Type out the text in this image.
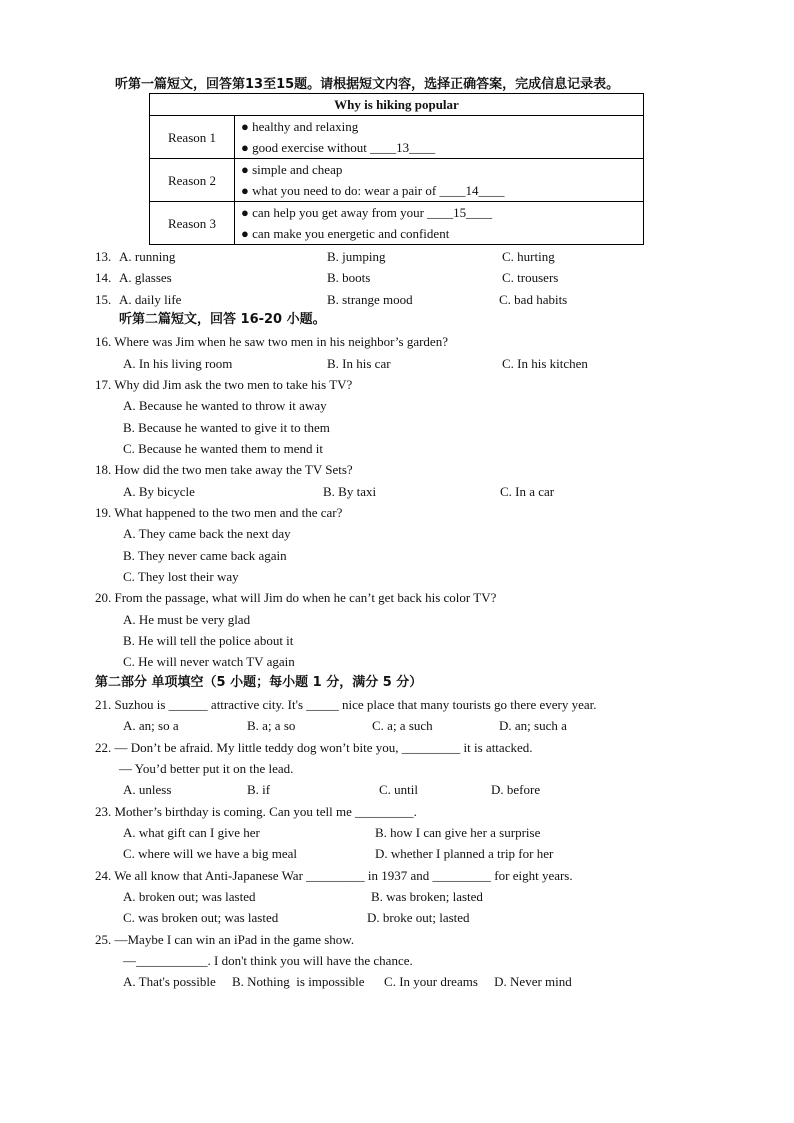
听第一篇短文，回答第13至15题。请根据短文内容，选择正确答案，完成信息记录表。
Why is hiking popular	
Reason 1	● healthy and relaxing
● good exercise without ____13____

Reason 2	● simple and cheap
● what you need to do: wear a pair of ____14____

Reason 3	● can help you get away from your ____15____
● can make you energetic and confident
13. A. running	B. jumping	C. hurting
14. A. glasses	B. boots	C. trousers
15. A. daily life	B. strange mood	C. bad habits
听第二篇短文，回答 16-20 小题。
16. Where was Jim when he saw two men in his neighbor’s garden?
A. In his living room	B. In his car	C. In his kitchen
17. Why did Jim ask the two men to take his TV?
A. Because he wanted to throw it away
B. Because he wanted to give it to them
C. Because he wanted them to mend it
18. How did the two men take away the TV Sets?
A. By bicycle	B. By taxi	C. In a car
19. What happened to the two men and the car?
A. They came back the next day
B. They never came back again
C. They lost their way
20. From the passage, what will Jim do when he can’t get back his color TV?
A. He must be very glad
B. He will tell the police about it
C. He will never watch TV again
第二部分 单项填空（5 小题；每小题 1 分，满分 5 分）
21. Suzhou is ______ attractive city. It's _____ nice place that many tourists go there every year.
A. an; so a	B. a; a so	C. a; a such	D. an; such a
22. — Don’t be afraid. My little teddy dog won’t bite you, _________ it is attacked.
— You’d better put it on the lead.
A. unless	B. if	C. until	D. before
23. Mother’s birthday is coming. Can you tell me _________.
A. what gift can I give her	B. how I can give her a surprise
C. where will we have a big meal	D. whether I planned a trip for her
24. We all know that Anti-Japanese War _________ in 1937 and _________ for eight years.
A. broken out; was lasted	B. was broken; lasted
C. was broken out; was lasted	D. broke out; lasted
25. —Maybe I can win an iPad in the game show.
—___________. I don't think you will have the chance.
A. That's possible     B. Nothing  is impossible      C. In your dreams     D. Never mind
